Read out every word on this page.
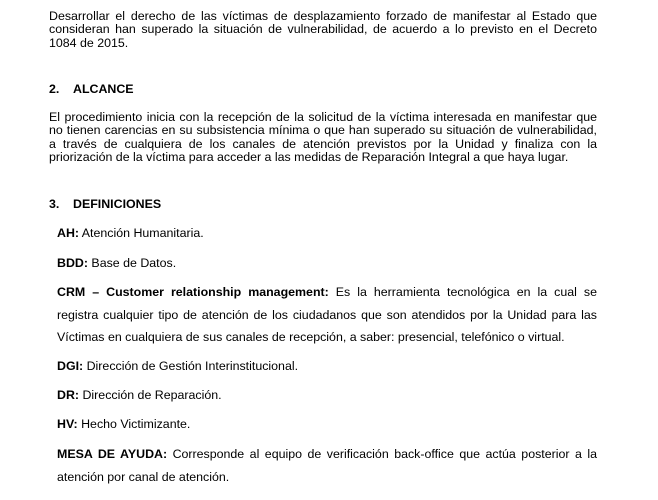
Desarrollar el derecho de las víctimas de desplazamiento forzado de manifestar al Estado que consideran han superado la situación de vulnerabilidad, de acuerdo a lo previsto en el Decreto 1084 de 2015.

2. ALCANCE

El procedimiento inicia con la recepción de la solicitud de la víctima interesada en manifestar que no tienen carencias en su subsistencia mínima o que han superado su situación de vulnerabilidad, a través de cualquiera de los canales de atención previstos por la Unidad y finaliza con la priorización de la víctima para acceder a las medidas de Reparación Integral a que haya lugar.

3. DEFINICIONES

AH: Atención Humanitaria.

BDD: Base de Datos.

CRM – Customer relationship management: Es la herramienta tecnológica en la cual se registra cualquier tipo de atención de los ciudadanos que son atendidos por la Unidad para las Víctimas en cualquiera de sus canales de recepción, a saber: presencial, telefónico o virtual.

DGI: Dirección de Gestión Interinstitucional.

DR: Dirección de Reparación.

HV: Hecho Victimizante.

MESA DE AYUDA: Corresponde al equipo de verificación back-office que actúa posterior a la atención por canal de atención.
